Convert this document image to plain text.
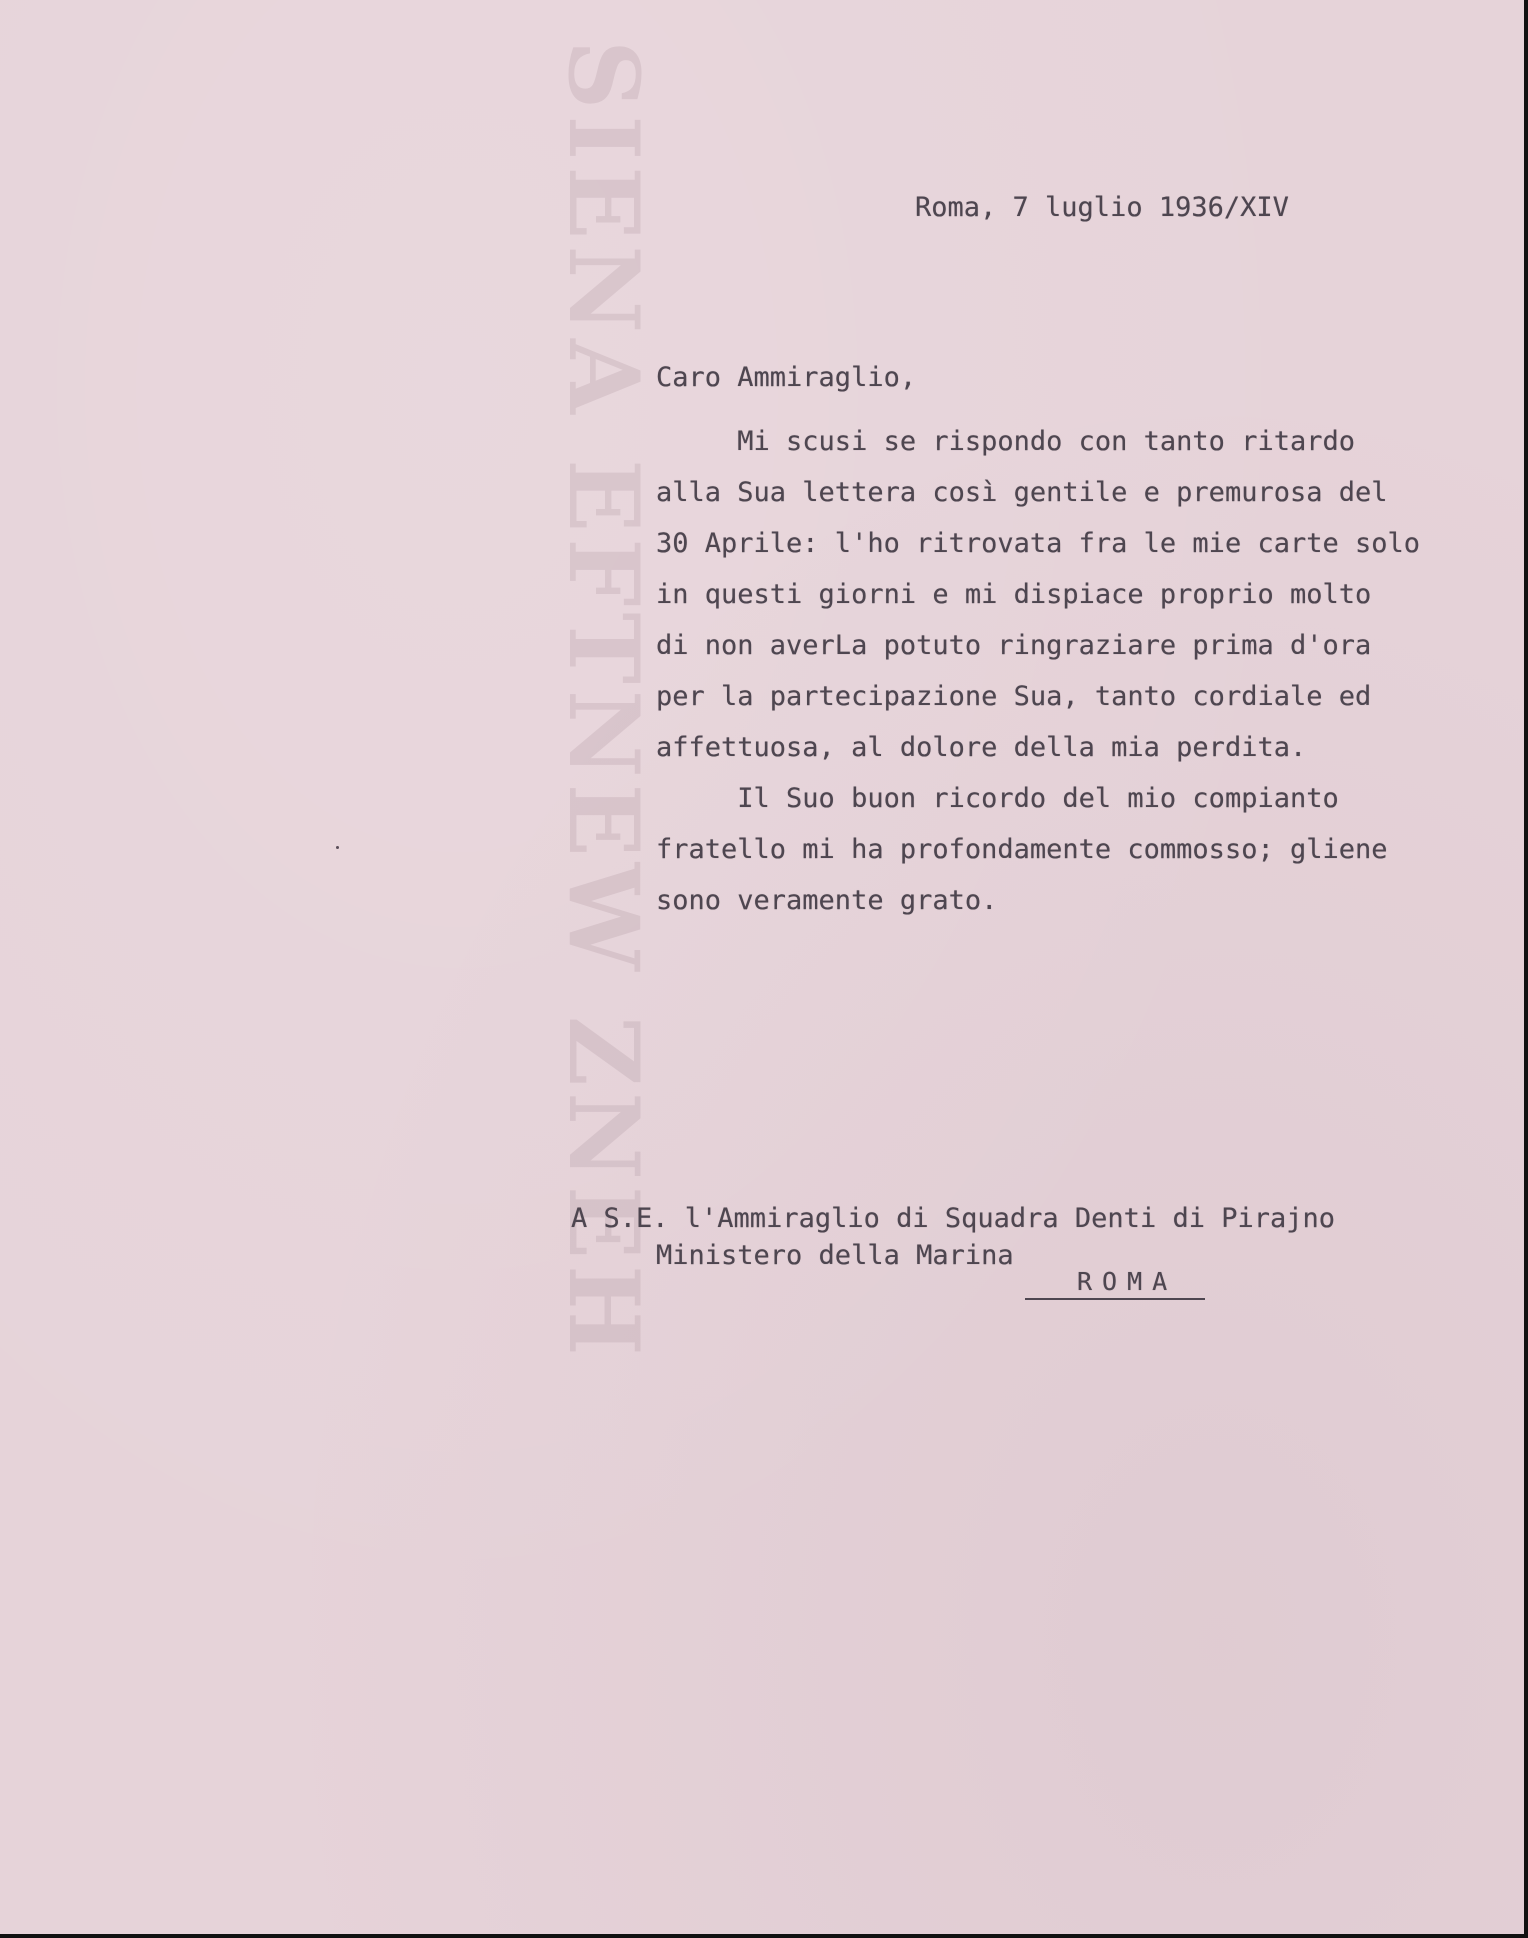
SIENA EFTNEW ZNEH	Roma, 7 luglio 1936/XIV
Caro Ammiraglio,
Mi scusi se rispondo con tanto ritardo
alla Sua lettera così gentile e premurosa del
30 Aprile: l'ho ritrovata fra le mie carte solo
in questi giorni e mi dispiace proprio molto
di non averLa potuto ringraziare prima d'ora
per la partecipazione Sua, tanto cordiale ed
affettuosa, al dolore della mia perdita.
Il Suo buon ricordo del mio compianto
fratello mi ha profondamente commosso; gliene
sono veramente grato.
A S.E. l'Ammiraglio di Squadra Denti di Pirajno
Ministero della Marina
ROMA
